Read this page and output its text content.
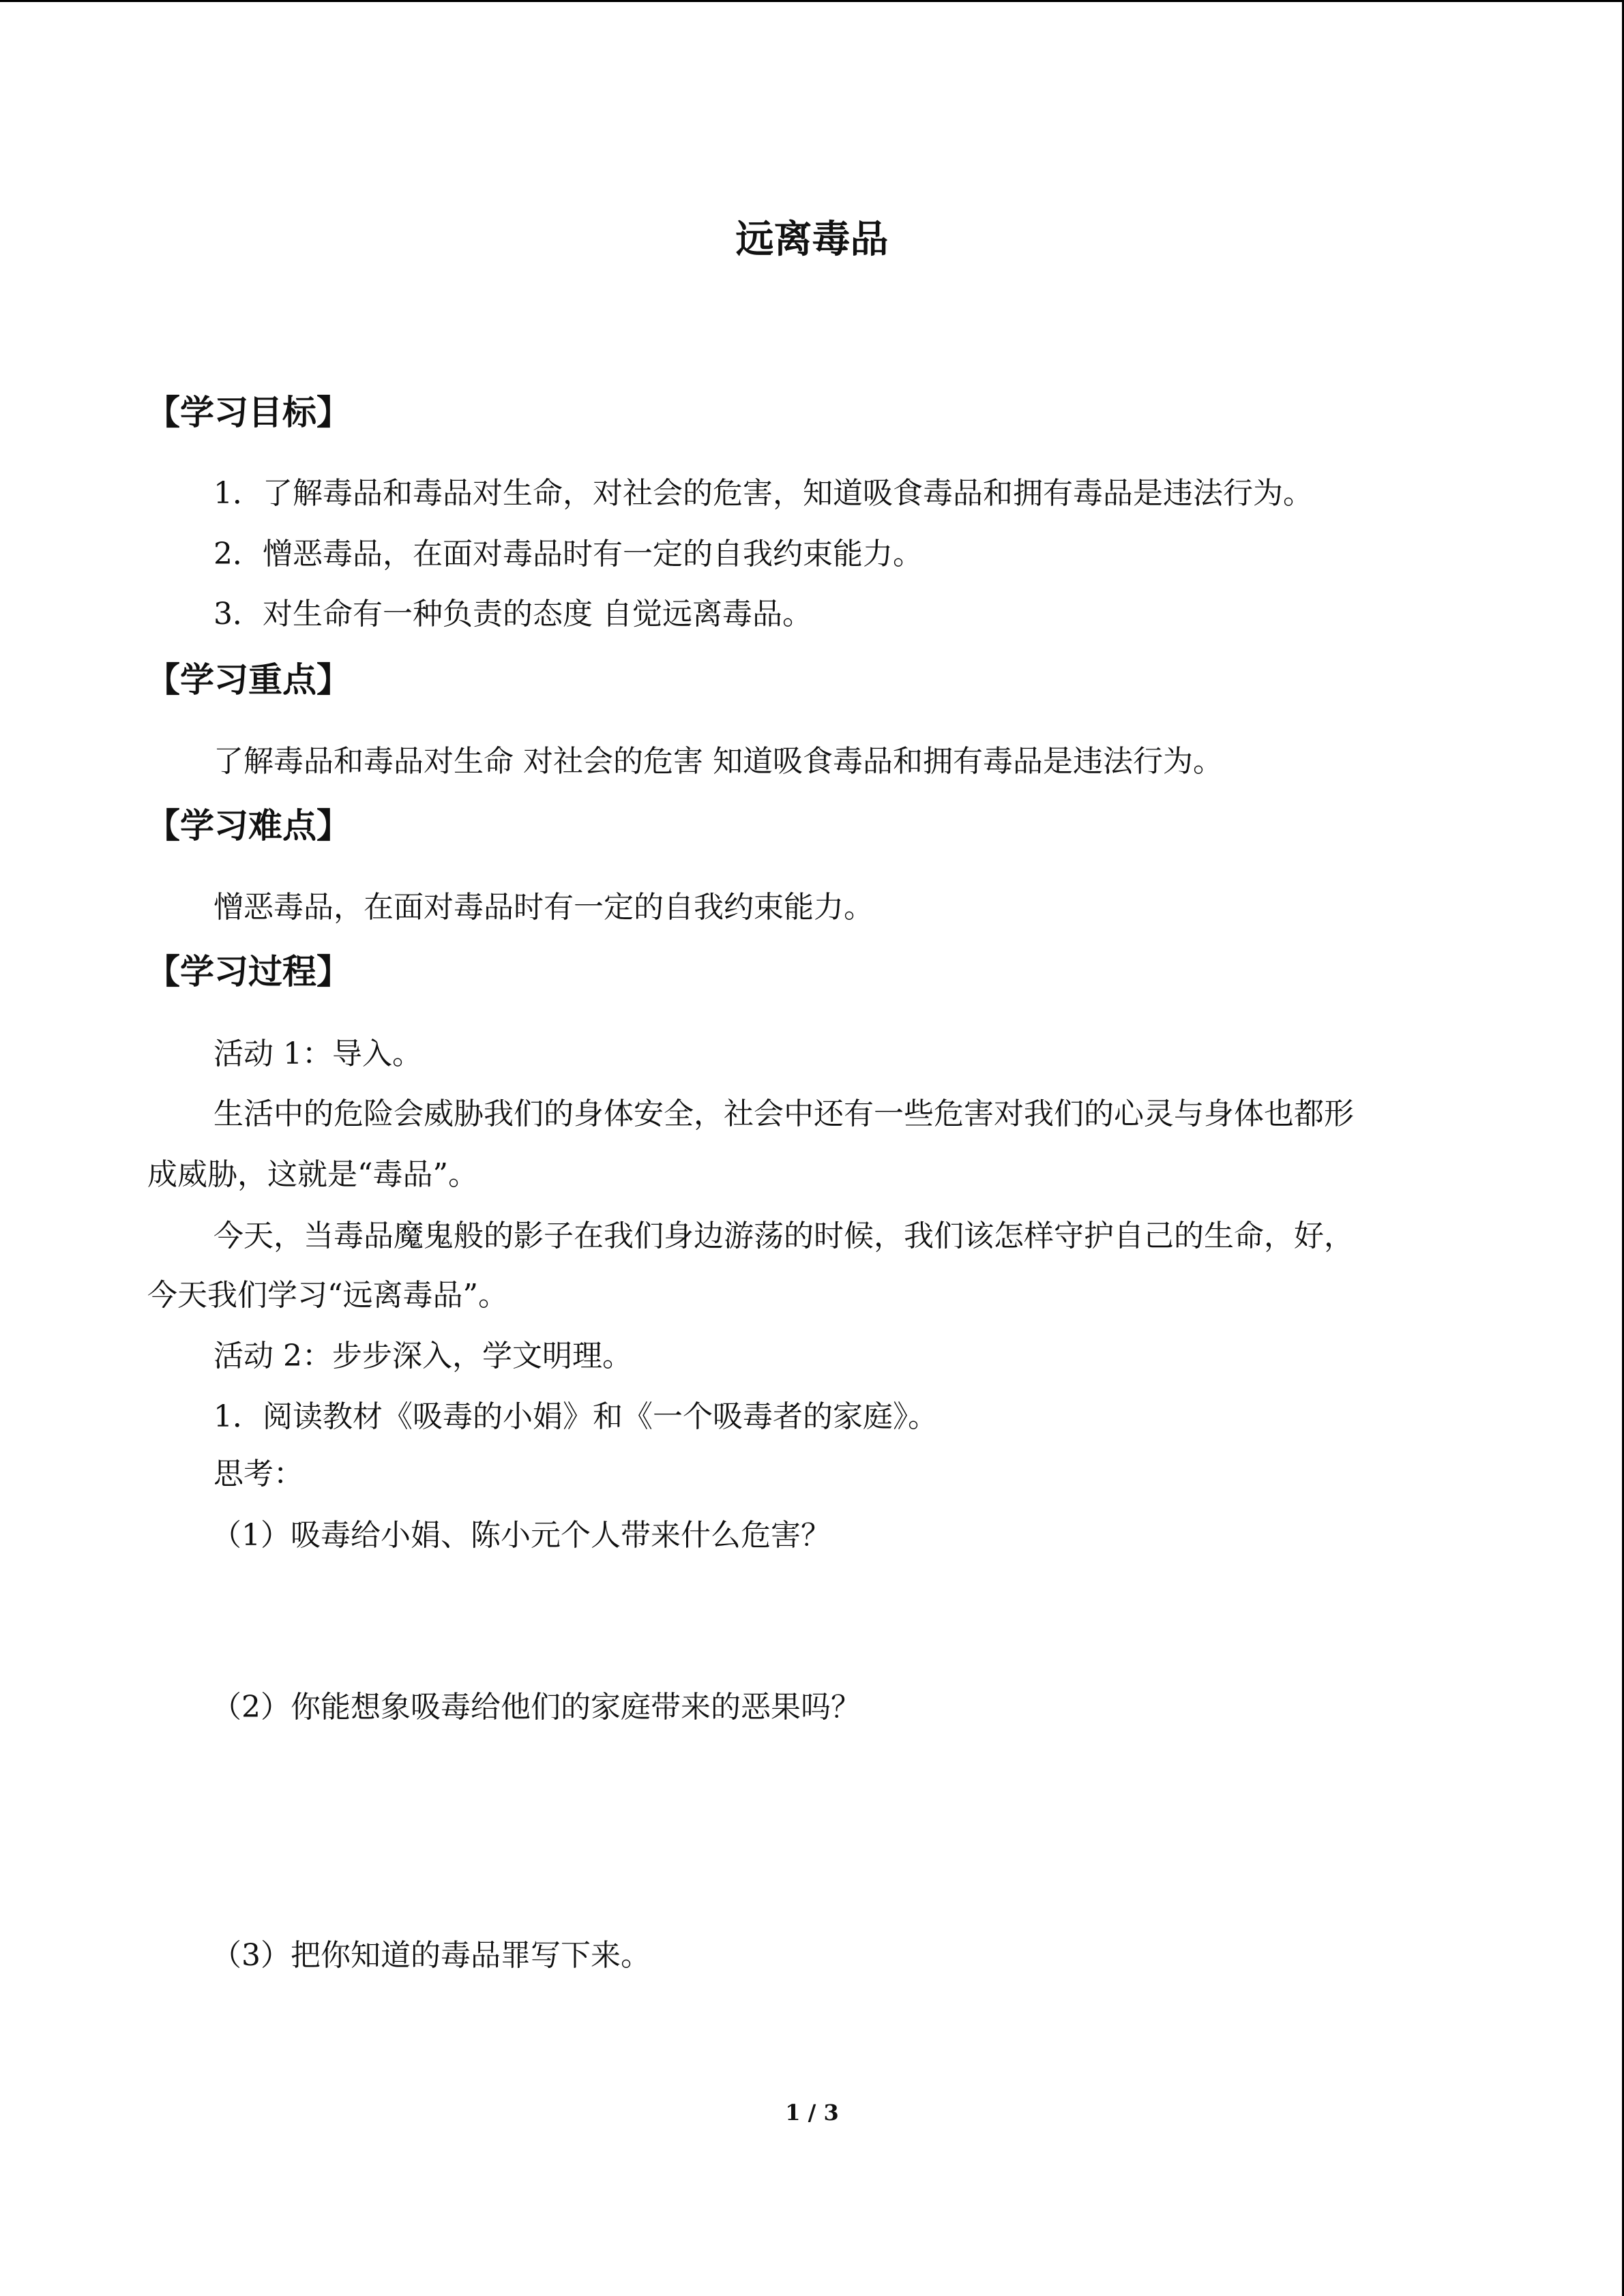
远离毒品
【学习目标】
1．了解毒品和毒品对生命，对社会的危害，知道吸食毒品和拥有毒品是违法行为。
2．憎恶毒品，在面对毒品时有一定的自我约束能力。
3．对生命有一种负责的态度 自觉远离毒品。
【学习重点】
了解毒品和毒品对生命 对社会的危害 知道吸食毒品和拥有毒品是违法行为。
【学习难点】
憎恶毒品，在面对毒品时有一定的自我约束能力。
【学习过程】
活动 1：导入。
生活中的危险会威胁我们的身体安全，社会中还有一些危害对我们的心灵与身体也都形
成威胁，这就是“毒品”。
今天，当毒品魔鬼般的影子在我们身边游荡的时候，我们该怎样守护自己的生命，好，
今天我们学习“远离毒品”。
活动 2：步步深入，学文明理。
1．阅读教材《吸毒的小娟》和《一个吸毒者的家庭》。
思考：
（1）吸毒给小娟、陈小元个人带来什么危害？
（2）你能想象吸毒给他们的家庭带来的恶果吗？
（3）把你知道的毒品罪写下来。
1 / 3
